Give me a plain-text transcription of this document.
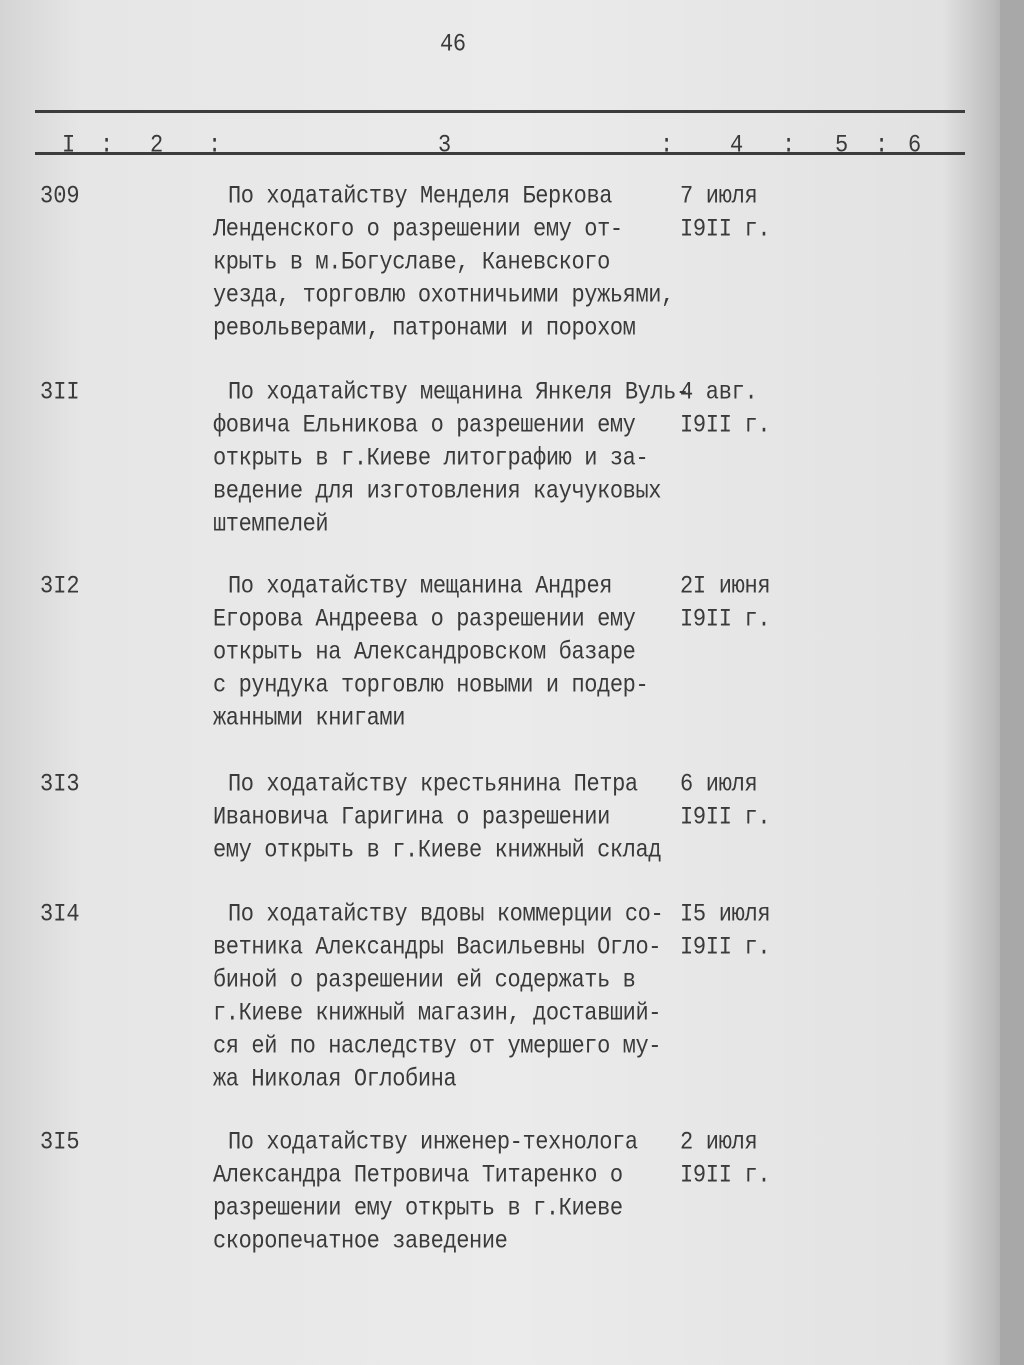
46
I : 2 :	3	:	4 : 5 : 6
309	По ходатайству Менделя Беркова
Ленденского о разрешении ему от-
крыть в м.Богуславе, Каневского
уезда, торговлю охотничьими ружьями,
револьверами, патронами и порохом
7 июля
I9II г.
3II	По ходатайству мещанина Янкеля Вуль-
фовича Ельникова о разрешении ему
открыть в г.Киеве литографию и за-
ведение для изготовления каучуковых
штемпелей
4 авг.
I9II г.
3I2	По ходатайству мещанина Андрея
Егорова Андреева о разрешении ему
открыть на Александровском базаре
с рундука торговлю новыми и подер-
жанными книгами
2I июня
I9II г.
3I3	По ходатайству крестьянина Петра
Ивановича Гаригина о разрешении
ему открыть в г.Киеве книжный склад
6 июля
I9II г.
3I4	По ходатайству вдовы коммерции со-
ветника Александры Васильевны Огло-
биной о разрешении ей содержать в
г.Киеве книжный магазин, доставший-
ся ей по наследству от умершего му-
жа Николая Оглобина
I5 июля
I9II г.
3I5	По ходатайству инженер-технолога
Александра Петровича Титаренко о
разрешении ему открыть в г.Киеве
скоропечатное заведение
2 июля
I9II г.
